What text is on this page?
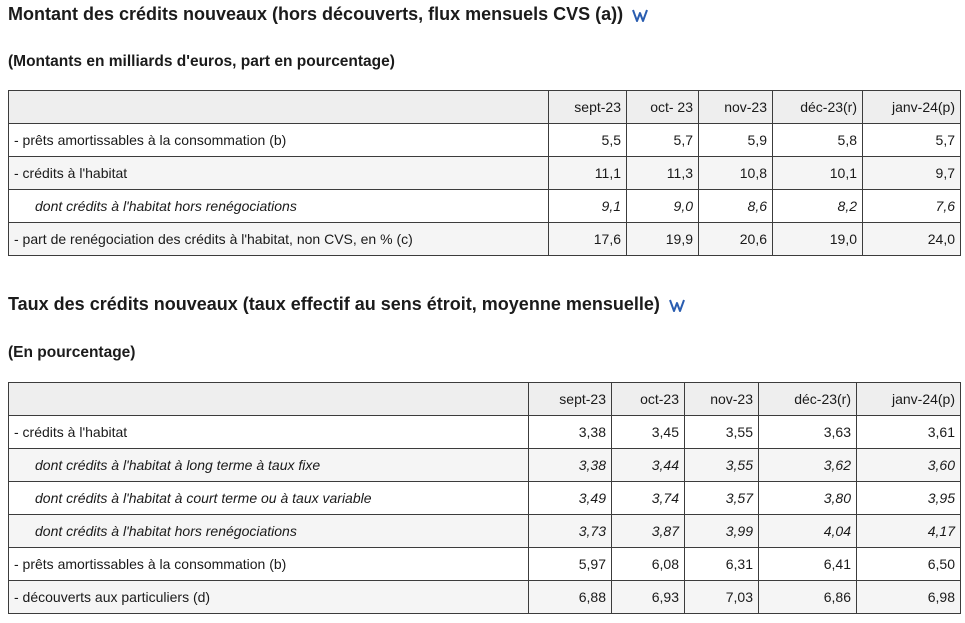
Montant des crédits nouveaux (hors découverts, flux mensuels CVS (a))
(Montants en milliards d'euros, part en pourcentage)
	sept-23	oct- 23	nov-23	déc-23(r)	janv-24(p)
- prêts amortissables à la consommation (b)	5,5	5,7	5,9	5,8	5,7
- crédits à l'habitat	11,1	11,3	10,8	10,1	9,7
dont crédits à l'habitat hors renégociations	9,1	9,0	8,6	8,2	7,6
- part de renégociation des crédits à l'habitat, non CVS, en % (c)	17,6	19,9	20,6	19,0	24,0
Taux des crédits nouveaux (taux effectif au sens étroit, moyenne mensuelle)
(En pourcentage)
	sept-23	oct-23	nov-23	déc-23(r)	janv-24(p)
- crédits à l'habitat	3,38	3,45	3,55	3,63	3,61
dont crédits à l'habitat à long terme à taux fixe	3,38	3,44	3,55	3,62	3,60
dont crédits à l'habitat à court terme ou à taux variable	3,49	3,74	3,57	3,80	3,95
dont crédits à l'habitat hors renégociations	3,73	3,87	3,99	4,04	4,17
- prêts amortissables à la consommation (b)	5,97	6,08	6,31	6,41	6,50
- découverts aux particuliers (d)	6,88	6,93	7,03	6,86	6,98
